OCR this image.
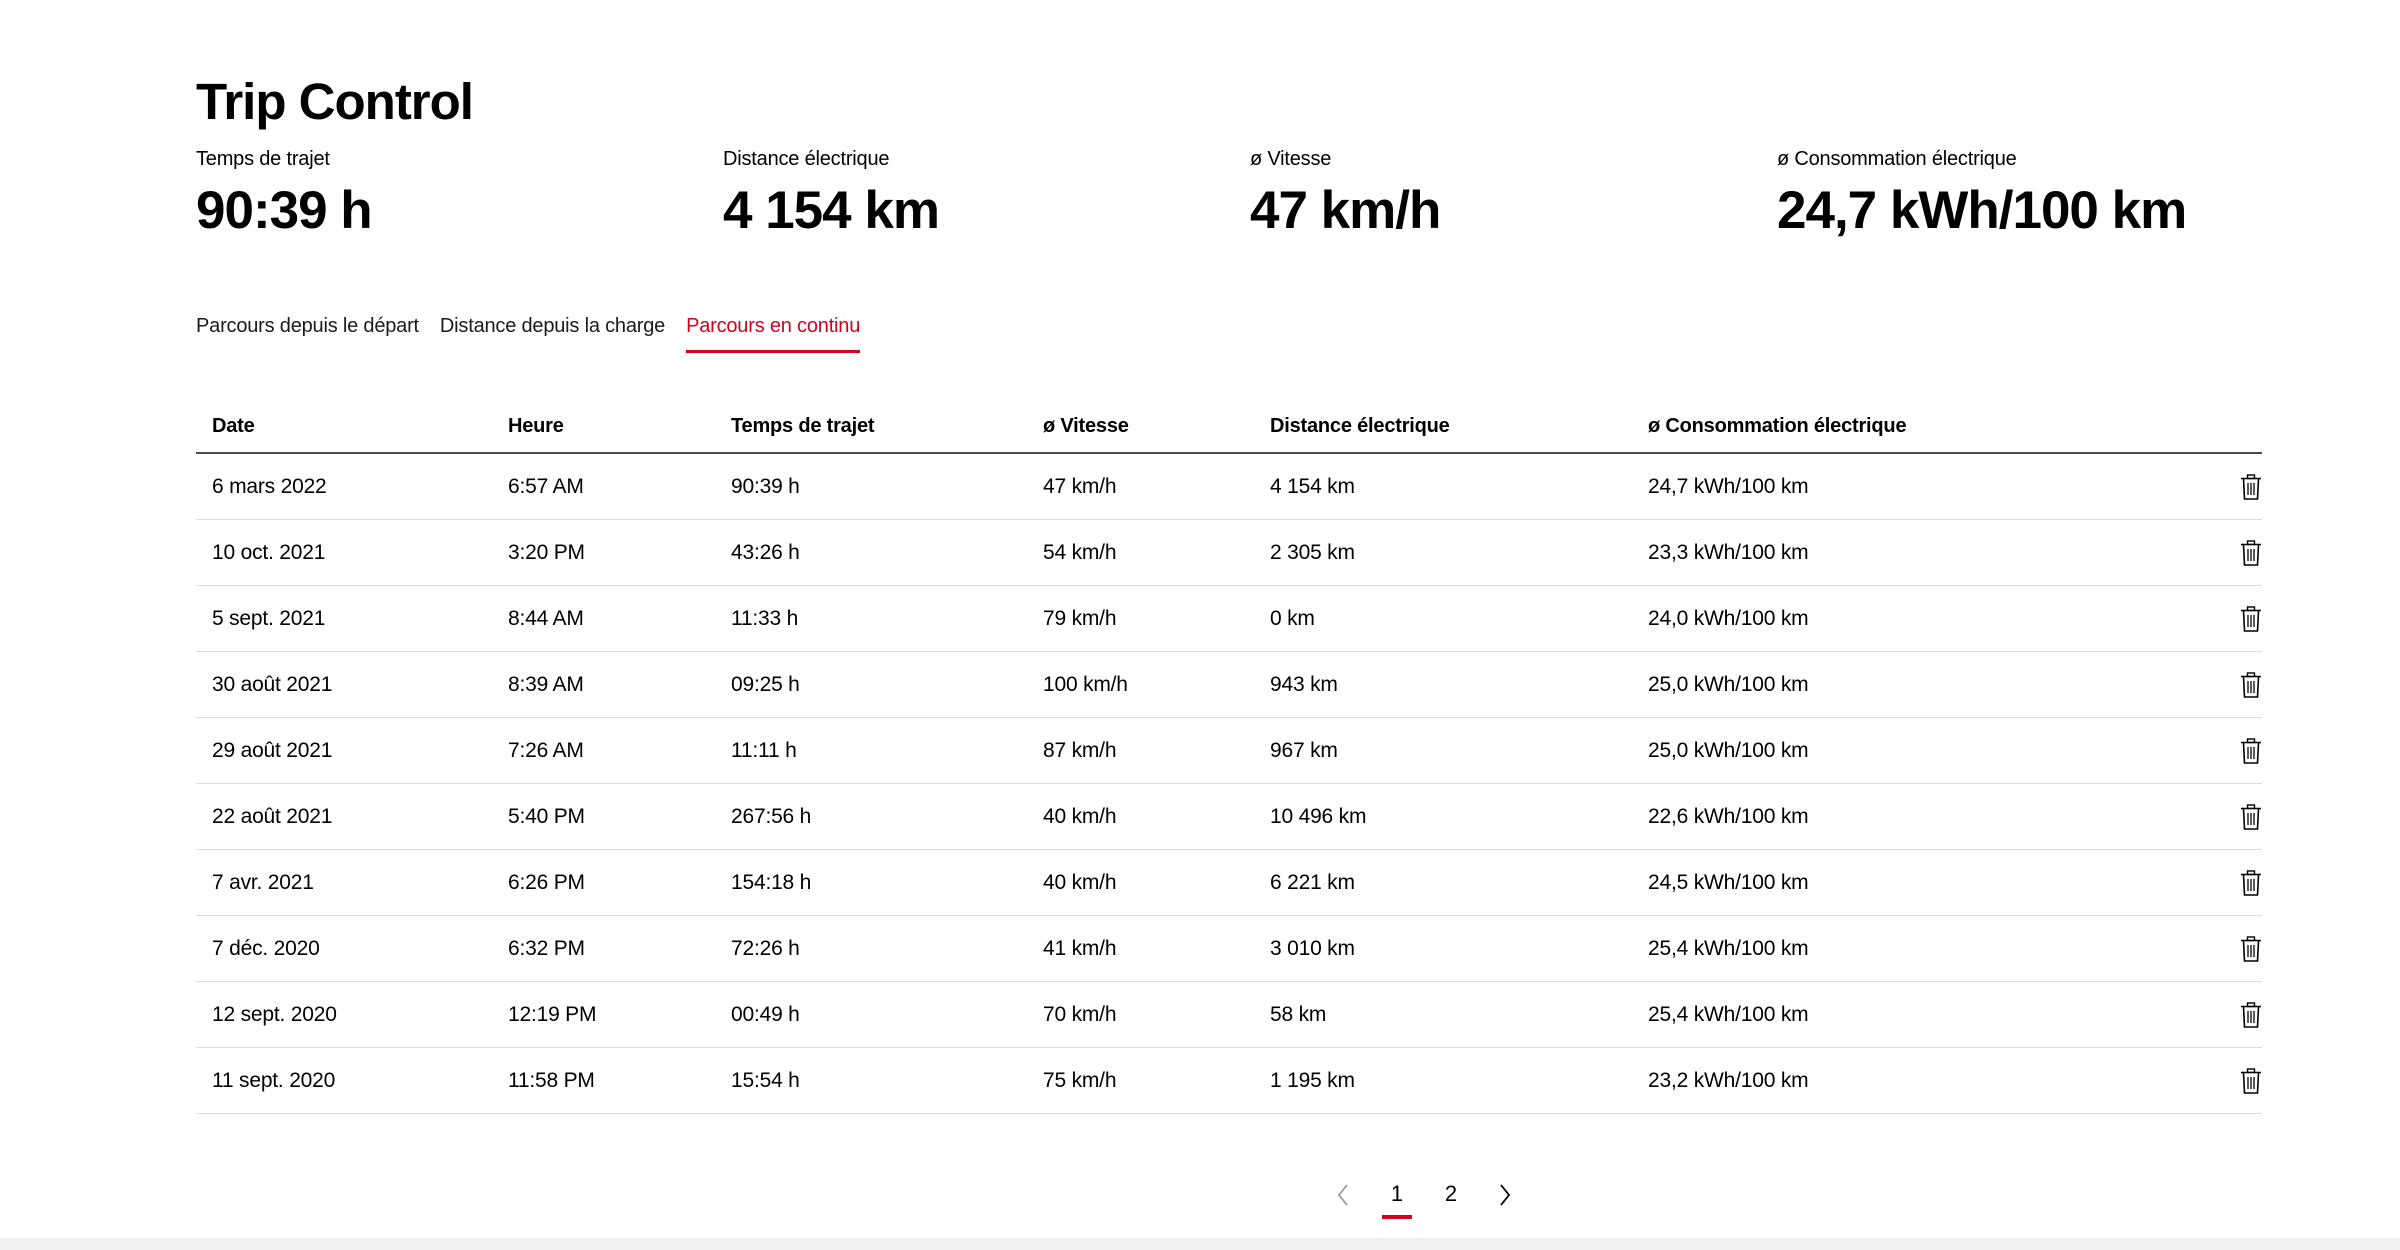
Trip Control
Temps de trajet
90:39 h
Distance électrique
4 154 km
ø Vitesse
47 km/h
ø Consommation électrique
24,7 kWh/100 km
Parcours depuis le départ Distance depuis la charge Parcours en continu
Date	Heure	Temps de trajet	ø Vitesse	Distance électrique	ø Consommation électrique	
6 mars 2022	6:57 AM	90:39 h	47 km/h	4 154 km	24,7 kWh/100 km	
10 oct. 2021	3:20 PM	43:26 h	54 km/h	2 305 km	23,3 kWh/100 km	
5 sept. 2021	8:44 AM	11:33 h	79 km/h	0 km	24,0 kWh/100 km	
30 août 2021	8:39 AM	09:25 h	100 km/h	943 km	25,0 kWh/100 km	
29 août 2021	7:26 AM	11:11 h	87 km/h	967 km	25,0 kWh/100 km	
22 août 2021	5:40 PM	267:56 h	40 km/h	10 496 km	22,6 kWh/100 km	
7 avr. 2021	6:26 PM	154:18 h	40 km/h	6 221 km	24,5 kWh/100 km	
7 déc. 2020	6:32 PM	72:26 h	41 km/h	3 010 km	25,4 kWh/100 km	
12 sept. 2020	12:19 PM	00:49 h	70 km/h	58 km	25,4 kWh/100 km	
11 sept. 2020	11:58 PM	15:54 h	75 km/h	1 195 km	23,2 kWh/100 km	
1	2
